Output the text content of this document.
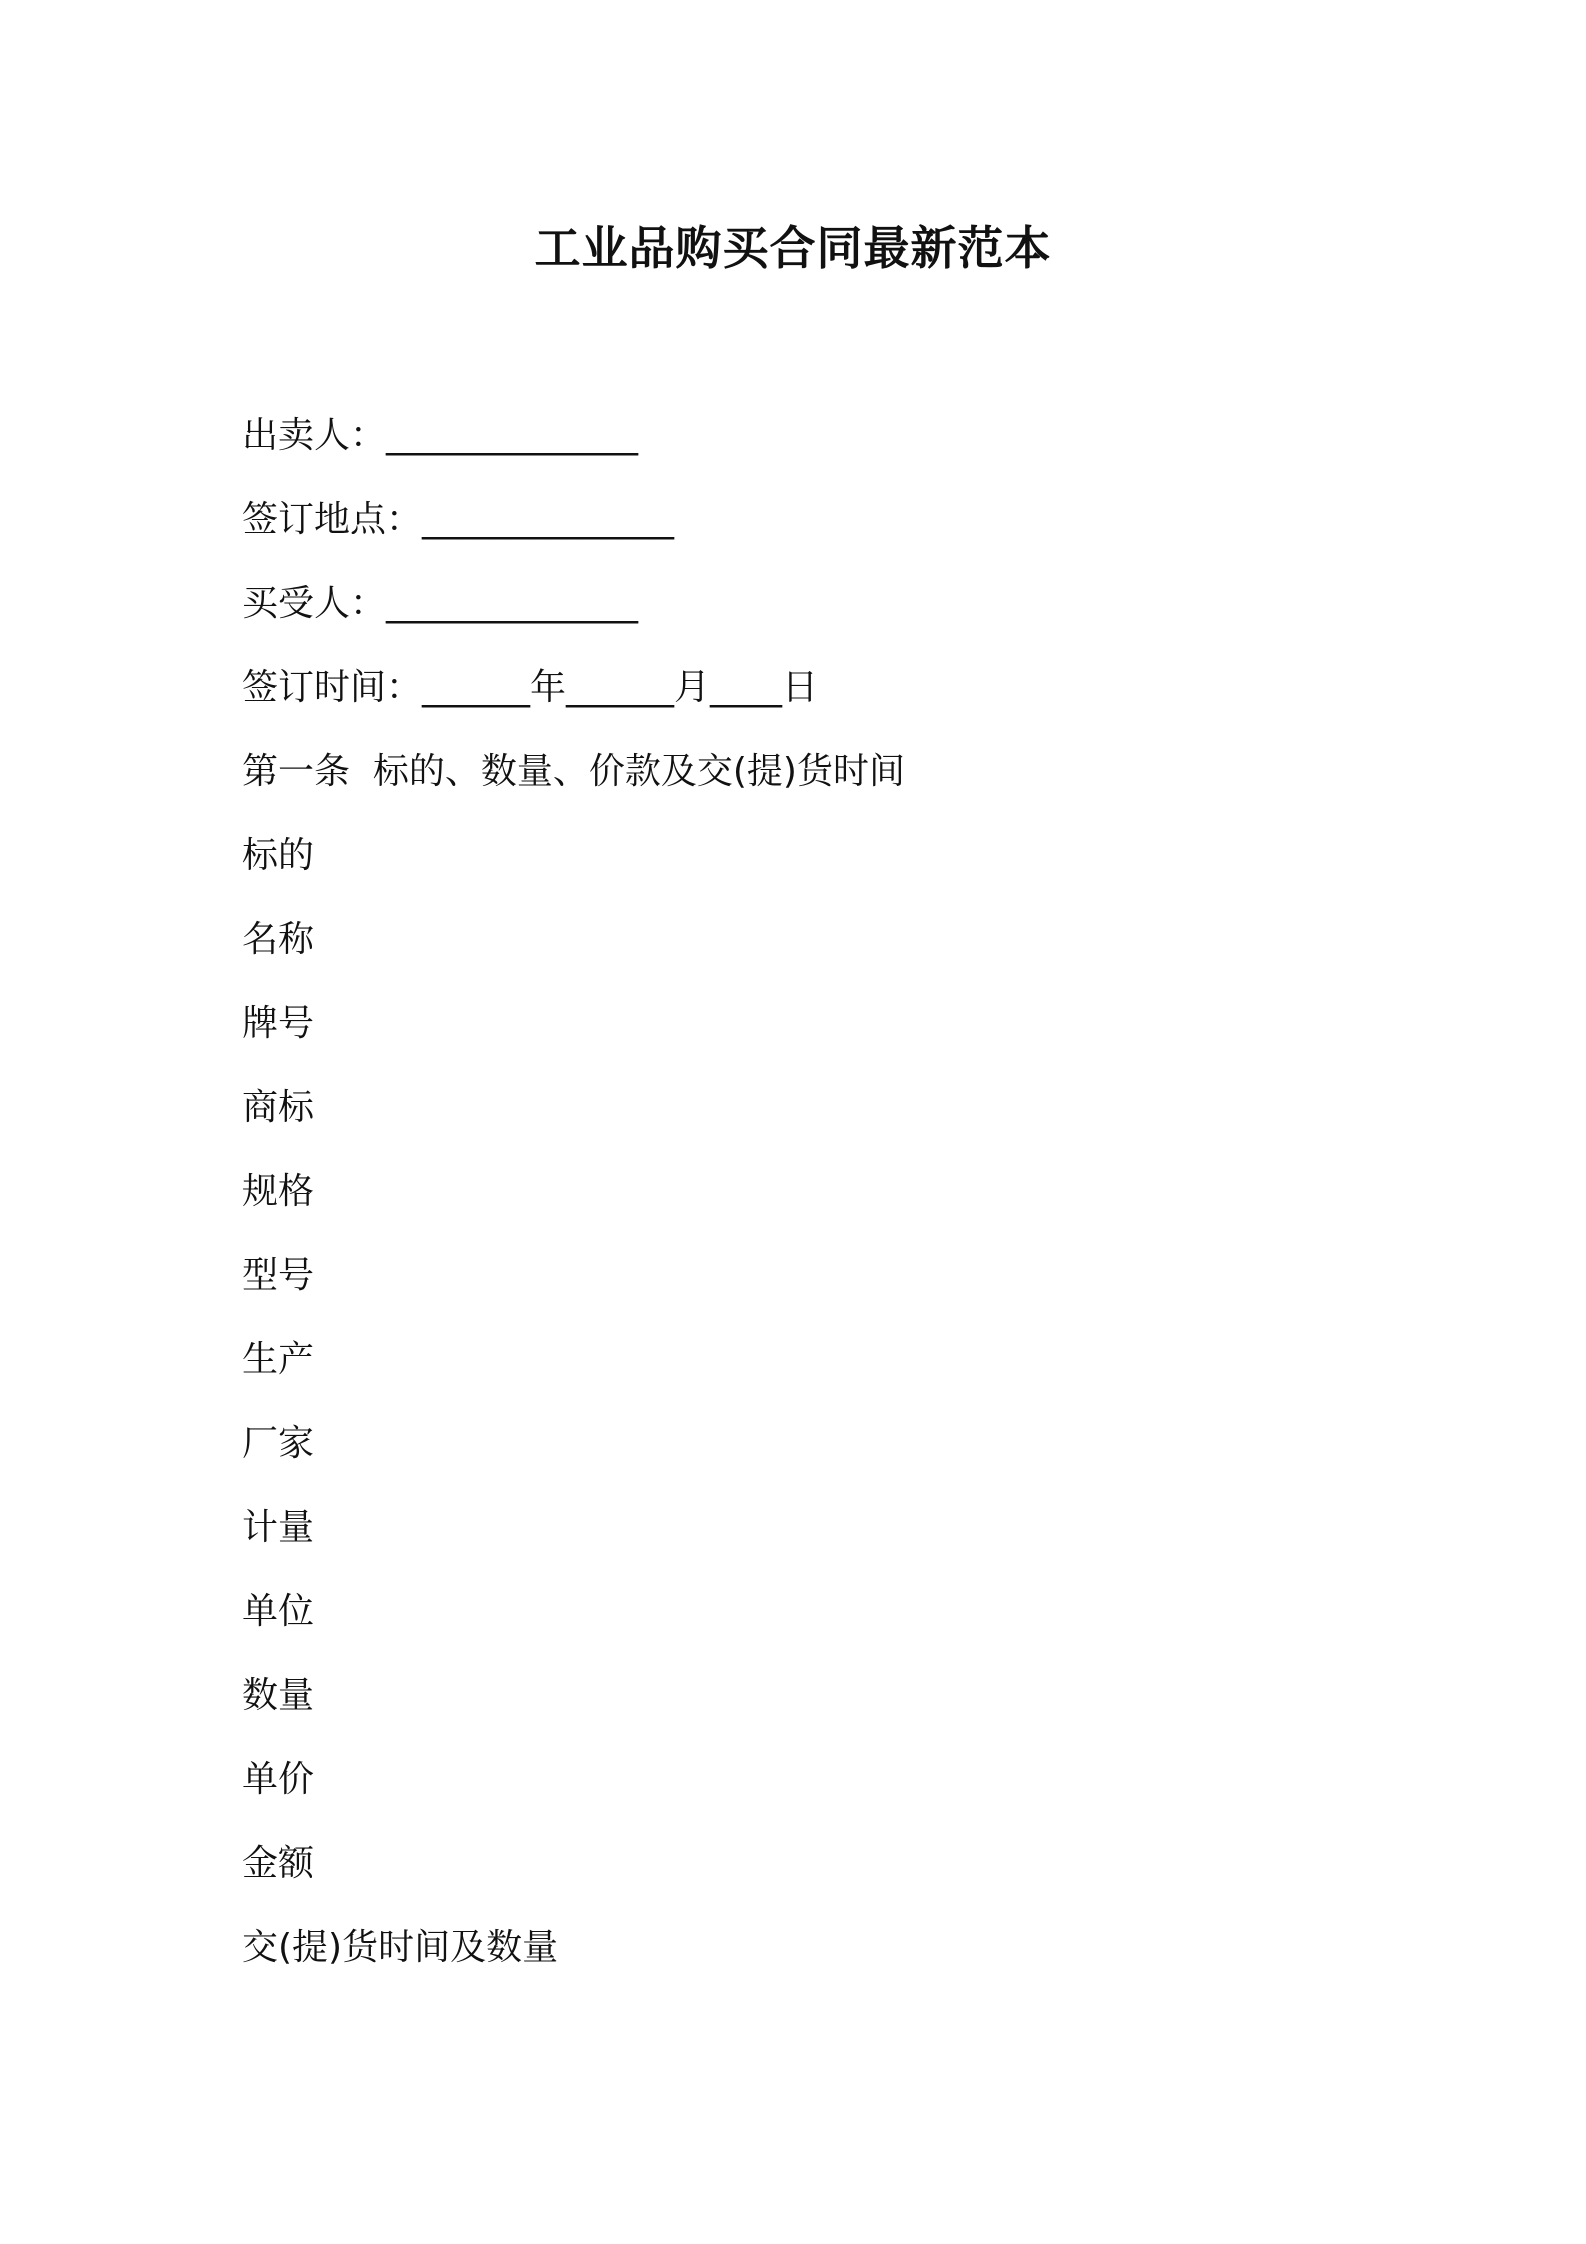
工业品购买合同最新范本
出卖人：______________
签订地点：______________
买受人：______________
签订时间：______年______月____日
第一条  标的、数量、价款及交(提)货时间
标的
名称
牌号
商标
规格
型号
生产
厂家
计量
单位
数量
单价
金额
交(提)货时间及数量
